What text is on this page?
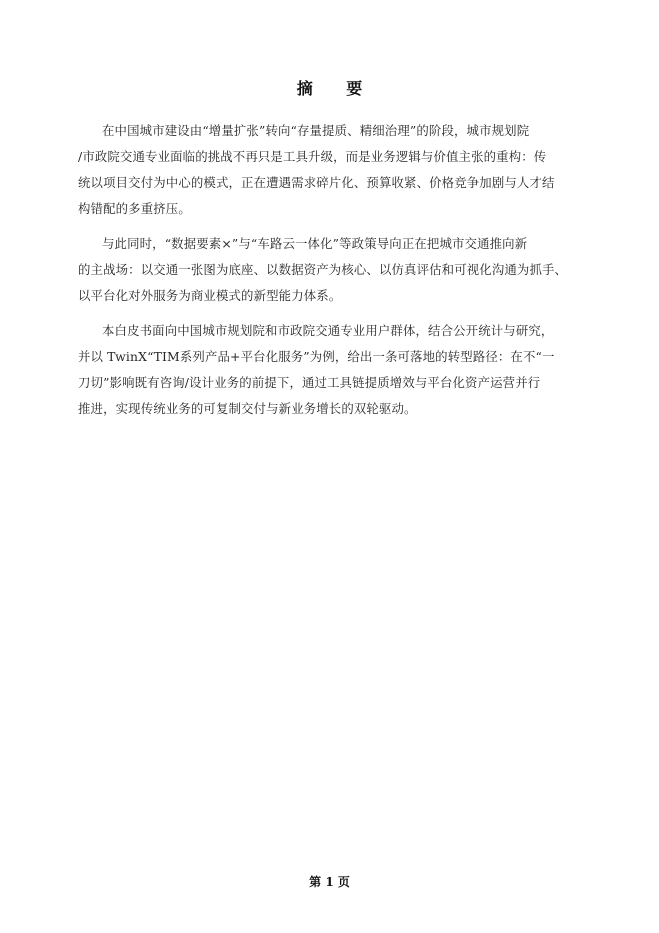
摘 要
在中国城市建设由“增量扩张”转向“存量提质、精细治理”的阶段，城市规划院
/市政院交通专业面临的挑战不再只是工具升级，而是业务逻辑与价值主张的重构：传
统以项目交付为中心的模式，正在遭遇需求碎片化、预算收紧、价格竞争加剧与人才结
构错配的多重挤压。
与此同时，“数据要素×”与“车路云一体化”等政策导向正在把城市交通推向新
的主战场：以交通一张图为底座、以数据资产为核心、以仿真评估和可视化沟通为抓手、
以平台化对外服务为商业模式的新型能力体系。
本白皮书面向中国城市规划院和市政院交通专业用户群体，结合公开统计与研究，
并以 TwinX“TIM系列产品+平台化服务”为例，给出一条可落地的转型路径：在不“一
刀切”影响既有咨询/设计业务的前提下，通过工具链提质增效与平台化资产运营并行
推进，实现传统业务的可复制交付与新业务增长的双轮驱动。
第 1 页
